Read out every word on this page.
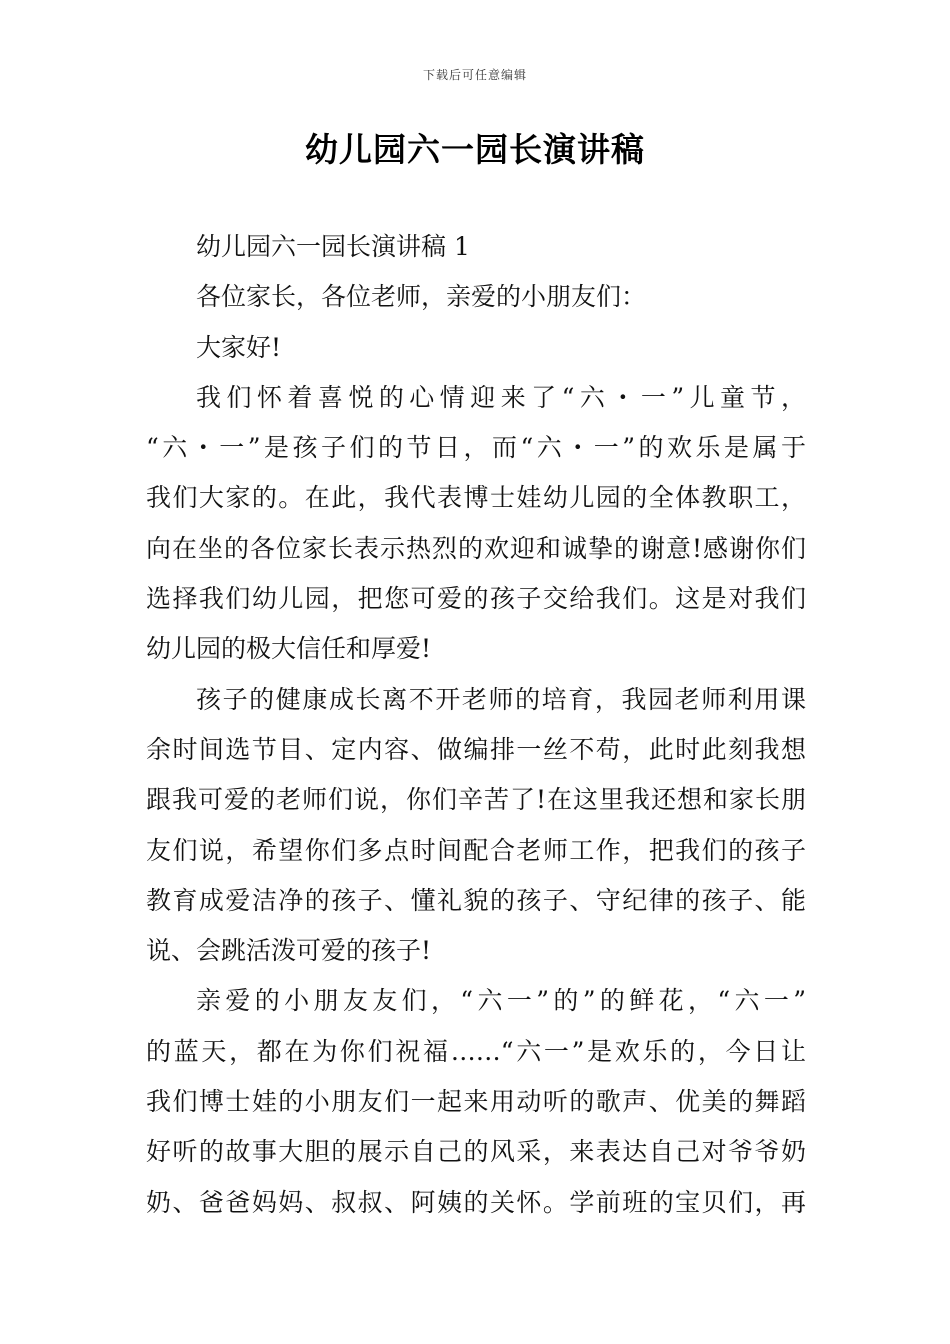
下载后可任意编辑
幼儿园六一园长演讲稿
幼儿园六一园长演讲稿 1
各位家长，各位老师，亲爱的小朋友们：
大家好!
我们怀着喜悦的心情迎来了“六・一”儿童节，
“六・一”是孩子们的节日，而“六・一”的欢乐是属于
我们大家的。在此，我代表博士娃幼儿园的全体教职工，
向在坐的各位家长表示热烈的欢迎和诚挚的谢意!感谢你们
选择我们幼儿园，把您可爱的孩子交给我们。这是对我们
幼儿园的极大信任和厚爱!
孩子的健康成长离不开老师的培育，我园老师利用课
余时间选节目、定内容、做编排一丝不苟，此时此刻我想
跟我可爱的老师们说，你们辛苦了!在这里我还想和家长朋
友们说，希望你们多点时间配合老师工作，把我们的孩子
教育成爱洁净的孩子、懂礼貌的孩子、守纪律的孩子、能
说、会跳活泼可爱的孩子!
亲爱的小朋友友们，“六一”的”的鲜花，“六一”
的蓝天，都在为你们祝福……“六一”是欢乐的，今日让
我们博士娃的小朋友们一起来用动听的歌声、优美的舞蹈
好听的故事大胆的展示自己的风采，来表达自己对爷爷奶
奶、爸爸妈妈、叔叔、阿姨的关怀。学前班的宝贝们，再
